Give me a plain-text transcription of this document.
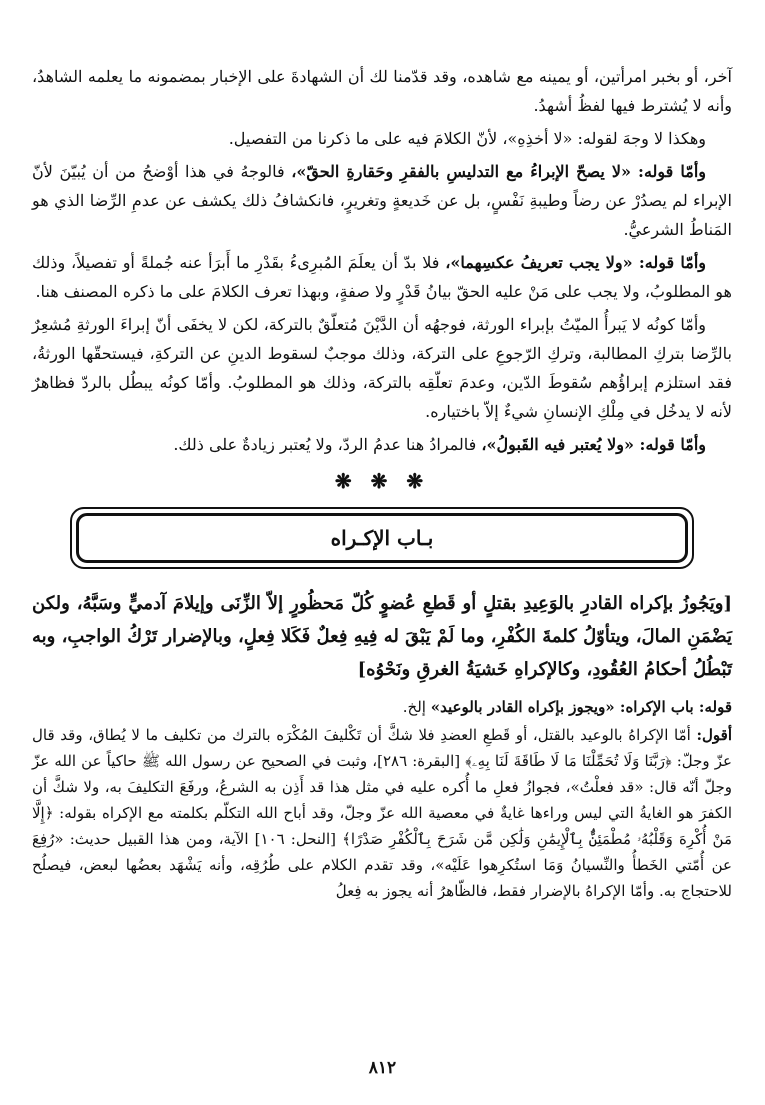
آخر، أو بخبر امرأتين، أو يمينه مع شاهده، وقد قدّمنا لك أن الشهادةَ على الإخبار بمضمونه ما يعلمه الشاهدُ، وأنه لا يُشترط فيها لفظُ أشهدُ.

وهكذا لا وجهَ لقوله: «لا أخذِهِ»، لأنّ الكلامَ فيه على ما ذكرنا من التفصيل.

وأمّا قوله: «لا يصحّ الإبراءُ مع التدليسِ بالفقرِ وحَقارةِ الحقّ»، فالوجهُ في هذا أوْضحُ من أن يُبيّنَ لأنّ الإبراء لم يصدُرْ عن رضاً وطيبةِ نَفْسٍ، بل عن خَديعةٍ وتغريرٍ، فانكشافُ ذلك يكشف عن عدمِ الرِّضا الذي هو المَناطُ الشرعيُّ.

وأمّا قوله: «ولا يجب تعريفُ عكسِهما»، فلا بدّ أن يعلَمَ المُبرِىءُ بقَدْرِ ما أَبرَأ عنه جُملةً أو تفصيلاً، وذلك هو المطلوبُ، ولا يجب على مَنْ عليه الحقّ بيانُ قَدْرٍ ولا صفةٍ، وبهذا تعرف الكلامَ على ما ذكره المصنف هنا.

وأمّا كونُه لا يَبرأُ الميّتُ بإبراء الورثة، فوجهُه أن الدَّيْنَ مُتعلّقٌ بالتركة، لكن لا يخفَى أنّ إبراءَ الورثةِ مُشعِرٌ بالرِّضا بتركِ المطالبة، وتركِ الرّجوعِ على التركة، وذلك موجبٌ لسقوط الدينِ عن التركةِ، فيستحقّها الورثةُ، فقد استلزم إبراؤُهم سُقوطَ الدّين، وعدمَ تعلّقِه بالتركة، وذلك هو المطلوبُ. وأمّا كونُه يبطُل بالردّ فظاهرٌ لأنه لا يدخُل في مِلْكِ الإنسانِ شيءٌ إلاّ باختياره.

وأمّا قوله: «ولا يُعتبر فيه القَبولُ»، فالمرادُ هنا عدمُ الردّ، ولا يُعتبر زيادةٌ على ذلك.

❋ ❋ ❋
بـاب الإكـراه

[ويَجُوزُ بإكراه القادرِ بالوَعِيدِ بقتلٍ أو قَطعِ عُضوٍ كُلّ مَحظُورٍ إلاّ الزِّنَى وإيلامَ آدميٍّ وسَبَّهُ، ولكن يَضْمَنِ المالَ، ويتأوّلُ كلمةَ الكُفْرِ، وما لَمْ يَبْقَ له فِيهِ فِعلٌ فَكَلا فِعلٍ، وبالإضرار تَرْكُ الواجبِ، وبه تَبْطُلُ أحكامُ العُقُودِ، وكالإكراهِ خَشيَةُ الغرقِ ونَحْوُه]

قوله: باب الإكراه: «ويجوز بإكراه القادر بالوعيد» إلخ.

أقول: أمّا الإكراهُ بالوعيد بالقتل، أو قَطعِ العضدِ فلا شكَّ أن تَكْليفَ المُكْرَه بالترك من تكليف ما لا يُطاق، وقد قال عزّ وجلّ: ﴿رَبَّنَا وَلَا تُحَمِّلْنَا مَا لَا طَاقَةَ لَنَا بِهِۦ﴾ [البقرة: ٢٨٦]، وثبت في الصحيح عن رسول الله ﷺ حاكياً عن الله عزّ وجلّ أنّه قال: «قد فعلْتُ»، فجوازُ فعلِ ما أُكره عليه في مثل هذا قد أَذِن به الشرعُ، ورفَعَ التكليفَ به، ولا شكَّ أن الكفرَ هو الغايةُ التي ليس وراءها غايةٌ في معصية الله عزّ وجلّ، وقد أباح الله التكلّم بكلمته مع الإكراه بقوله: ﴿إِلَّا مَنْ أُكْرِهَ وَقَلْبُهُۥ مُطْمَئِنٌّۢ بِٱلْإِيمَٰنِ وَلَٰكِن مَّن شَرَحَ بِٱلْكُفْرِ صَدْرًا﴾ [النحل: ١٠٦] الآية، ومن هذا القبيل حديث: «رُفِعَ عن أُمّتي الخَطأُ والنِّسيانُ وَمَا استُكرِهوا عَلَيْه»، وقد تقدم الكلام على طُرُقِه، وأنه يَشْهَد بعضُها لبعض، فيصلُح للاحتجاج به. وأمّا الإكراهُ بالإضرار فقط، فالظّاهرُ أنه يجوز به فِعلُ

٨١٢
